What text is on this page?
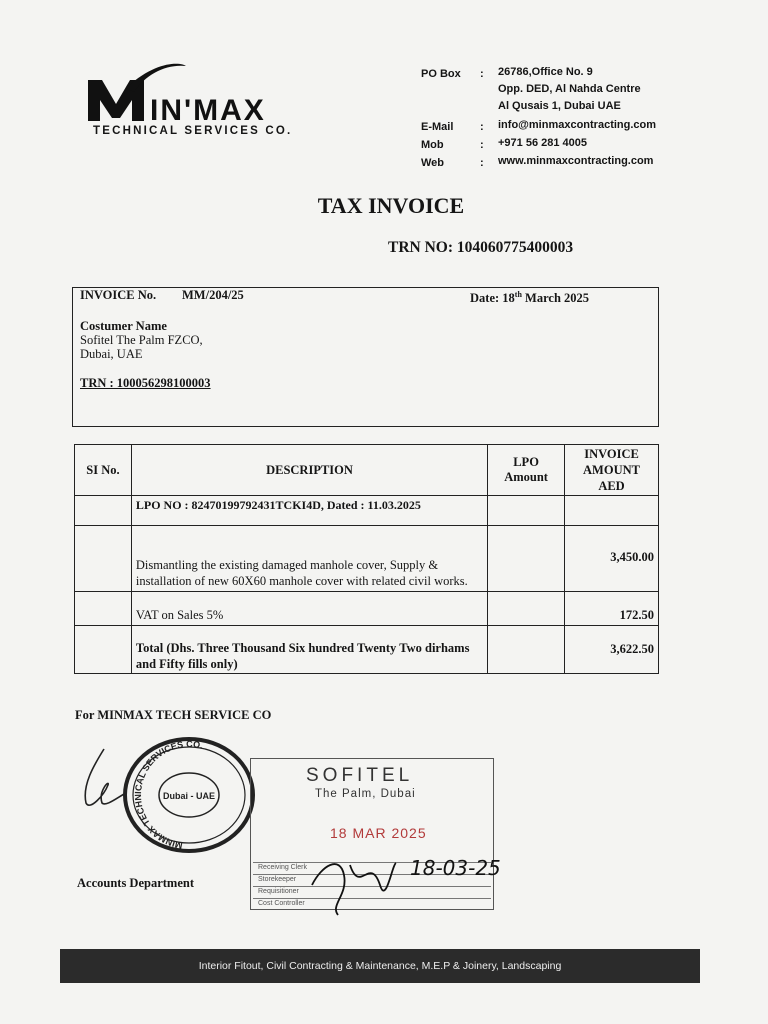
IN'MAX
TECHNICAL SERVICES CO.
PO Box : 26786,Office No. 9
Opp. DED, Al Nahda Centre
Al Qusais 1, Dubai UAE
E-Mail : info@minmaxcontracting.com
Mob	: +971 56 281 4005
Web	: www.minmaxcontracting.com
TAX INVOICE
TRN NO: 104060775400003
INVOICE No. MM/204/25	Date: 18th March 2025
Costumer Name
Sofitel The Palm FZCO,
Dubai, UAE
TRN : 100056298100003
SI No.	DESCRIPTION	LPO Amount	INVOICE AMOUNT AED

	LPO NO : 82470199792431TCKI4D, Dated : 11.03.2025		
	Dismantling the existing damaged manhole cover, Supply & installation of new 60X60 manhole cover with related civil works.		3,450.00
	VAT on Sales 5%		172.50
	Total (Dhs. Three Thousand Six hundred Twenty Two dirhams and Fifty fills only)		3,622.50
For MINMAX TECH SERVICE CO
Accounts Department
MINMAX TECHNICAL SERVICES CO.
Dubai - UAE
SOFITEL
The Palm, Dubai
18 MAR 2025
Receiving Clerk
Storekeeper
Requisitioner
Cost Controller
18-03-25
Interior Fitout, Civil Contracting & Maintenance, M.E.P & Joinery, Landscaping
